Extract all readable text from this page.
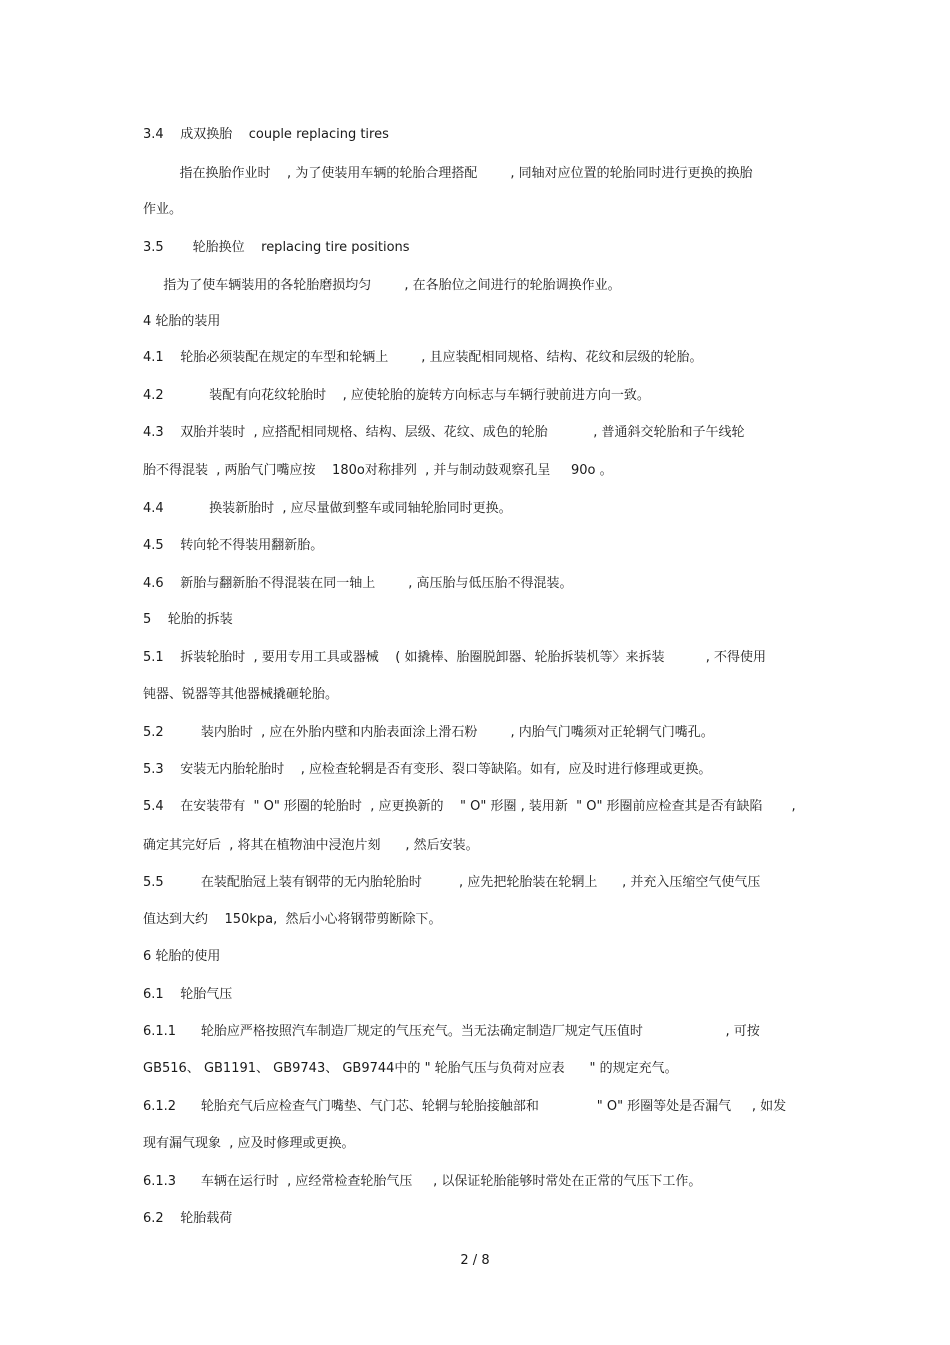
3.4    成双换胎    couple replacing tires
指在换胎作业时    , 为了使装用车辆的轮胎合理搭配        , 同轴对应位置的轮胎同时进行更换的换胎
作业。
3.5       轮胎换位    replacing tire positions
指为了使车辆装用的各轮胎磨损均匀        , 在各胎位之间进行的轮胎调换作业。
4 轮胎的装用
4.1    轮胎必须装配在规定的车型和轮辆上        , 且应装配相同规格、结构、花纹和层级的轮胎。
4.2           装配有向花纹轮胎时    , 应使轮胎的旋转方向标志与车辆行驶前进方向一致。
4.3    双胎并装时  , 应搭配相同规格、结构、层级、花纹、成色的轮胎           , 普通斜交轮胎和子午线轮
胎不得混装  , 两胎气门嘴应按    180o对称排列  , 并与制动鼓观察孔呈     90o 。
4.4           换装新胎时  , 应尽量做到整车或同轴轮胎同时更换。
4.5    转向轮不得装用翻新胎。
4.6    新胎与翻新胎不得混装在同一轴上        , 高压胎与低压胎不得混装。
5    轮胎的拆装
5.1    拆装轮胎时  , 要用专用工具或器械    ( 如撬棒、胎圈脱卸器、轮胎拆装机等〉来拆装          , 不得使用
钝器、锐器等其他器械撬砸轮胎。
5.2         装内胎时  , 应在外胎内壁和内胎表面涂上滑石粉        , 内胎气门嘴须对正轮辋气门嘴孔。
5.3    安装无内胎轮胎时    , 应检查轮辋是否有变形、裂口等缺陷。如有,  应及时进行修理或更换。
5.4    在安装带有  " O" 形圈的轮胎时  , 应更换新的    " O" 形圈 , 装用新  " O" 形圈前应检查其是否有缺陷       ,
确定其完好后  , 将其在植物油中浸泡片刻      , 然后安装。
5.5         在装配胎冠上装有钢带的无内胎轮胎时         , 应先把轮胎装在轮辋上      , 并充入压缩空气使气压
值达到大约    150kpa,  然后小心将钢带剪断除下。
6 轮胎的使用
6.1    轮胎气压
6.1.1      轮胎应严格按照汽车制造厂规定的气压充气。当无法确定制造厂规定气压值时                    , 可按
GB516、 GB1191、 GB9743、 GB9744中的 " 轮胎气压与负荷对应表      " 的规定充气。
6.1.2      轮胎充气后应检查气门嘴垫、气门芯、轮辋与轮胎接触部和              " O" 形圈等处是否漏气     , 如发
现有漏气现象  , 应及时修理或更换。
6.1.3      车辆在运行时  , 应经常检查轮胎气压     , 以保证轮胎能够时常处在正常的气压下工作。
6.2    轮胎载荷
2 / 8
